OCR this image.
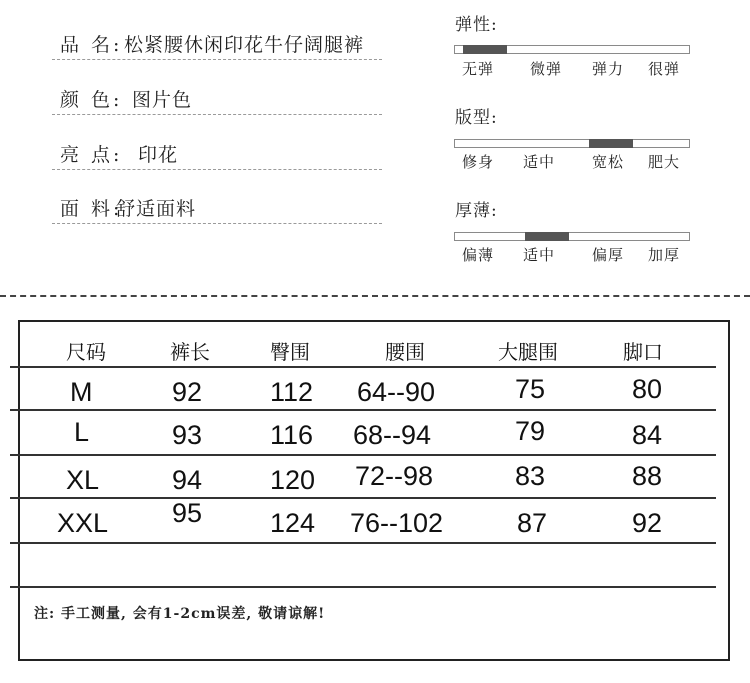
品 名: 松紧腰休闲印花牛仔阔腿裤
颜 色: 图片色
亮 点: 印花
面 料:
舒适面料
弹性:
无弹 微弹 弹力 很弹
版型:
修身 适中 宽松 肥大
厚薄:
偏薄 适中 偏厚 加厚
尺码	裤长	臀围	腰围	大腿围	脚口
M	92	112 64--90	75	80
L	93	116 68--94	79	84
XL	94	120 72--98	83	88
XXL 95	124 76--102	87	92
注: 手工测量, 会有1-2cm误差, 敬请谅解!
